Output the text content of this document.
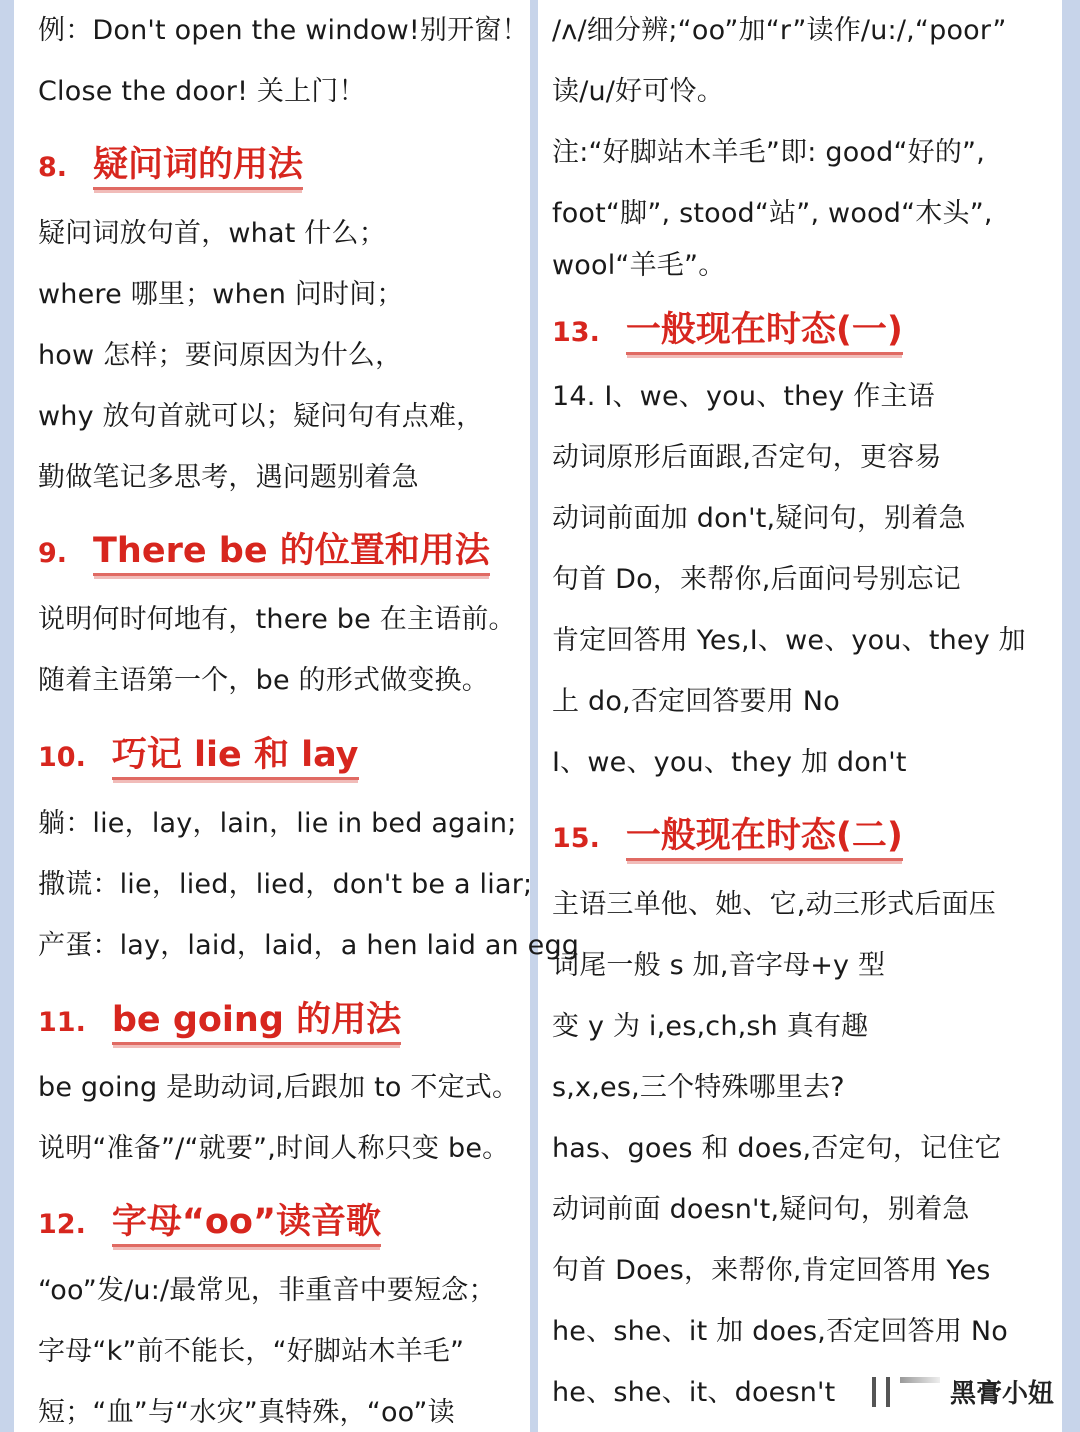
例：Don't open the window!别开窗！
Close the door! 关上门！
8. 疑问词的用法
疑问词放句首，what 什么；
where 哪里；when 问时间；
how 怎样；要问原因为什么，
why 放句首就可以；疑问句有点难，
勤做笔记多思考，遇问题别着急
9. There be 的位置和用法
说明何时何地有，there be 在主语前。
随着主语第一个，be 的形式做变换。
10. 巧记 lie 和 lay
躺：lie，lay，lain，lie in bed again;
撒谎：lie，lied，lied，don't be a liar;
产蛋：lay，laid，laid，a hen laid an egg
11. be going 的用法
be going 是助动词,后跟加 to 不定式。
说明“准备”/“就要”,时间人称只变 be。
12. 字母“oo”读音歌
“oo”发/u:/最常见，非重音中要短念；
字母“k”前不能长，“好脚站木羊毛”
短；“血”与“水灾”真特殊，“oo”读
/ʌ/细分辨;“oo”加“r”读作/u:/,“poor”
读/u/好可怜。
注:“好脚站木羊毛”即: good“好的”,
foot“脚”, stood“站”, wood“木头”,
wool“羊毛”。
13. 一般现在时态(一)
14. I、we、you、they 作主语
动词原形后面跟,否定句，更容易
动词前面加 don't,疑问句，别着急
句首 Do，来帮你,后面问号别忘记
肯定回答用 Yes,I、we、you、they 加
上 do,否定回答要用 No
I、we、you、they 加 don't
15. 一般现在时态(二)
主语三单他、她、它,动三形式后面压
词尾一般 s 加,音字母+y 型
变 y 为 i,es,ch,sh 真有趣
s,x,es,三个特殊哪里去?
has、goes 和 does,否定句，记住它
动词前面 doesn't,疑问句，别着急
句首 Does，来帮你,肯定回答用 Yes
he、she、it 加 does,否定回答用 No
he、she、it、doesn't	黑膏小妞
